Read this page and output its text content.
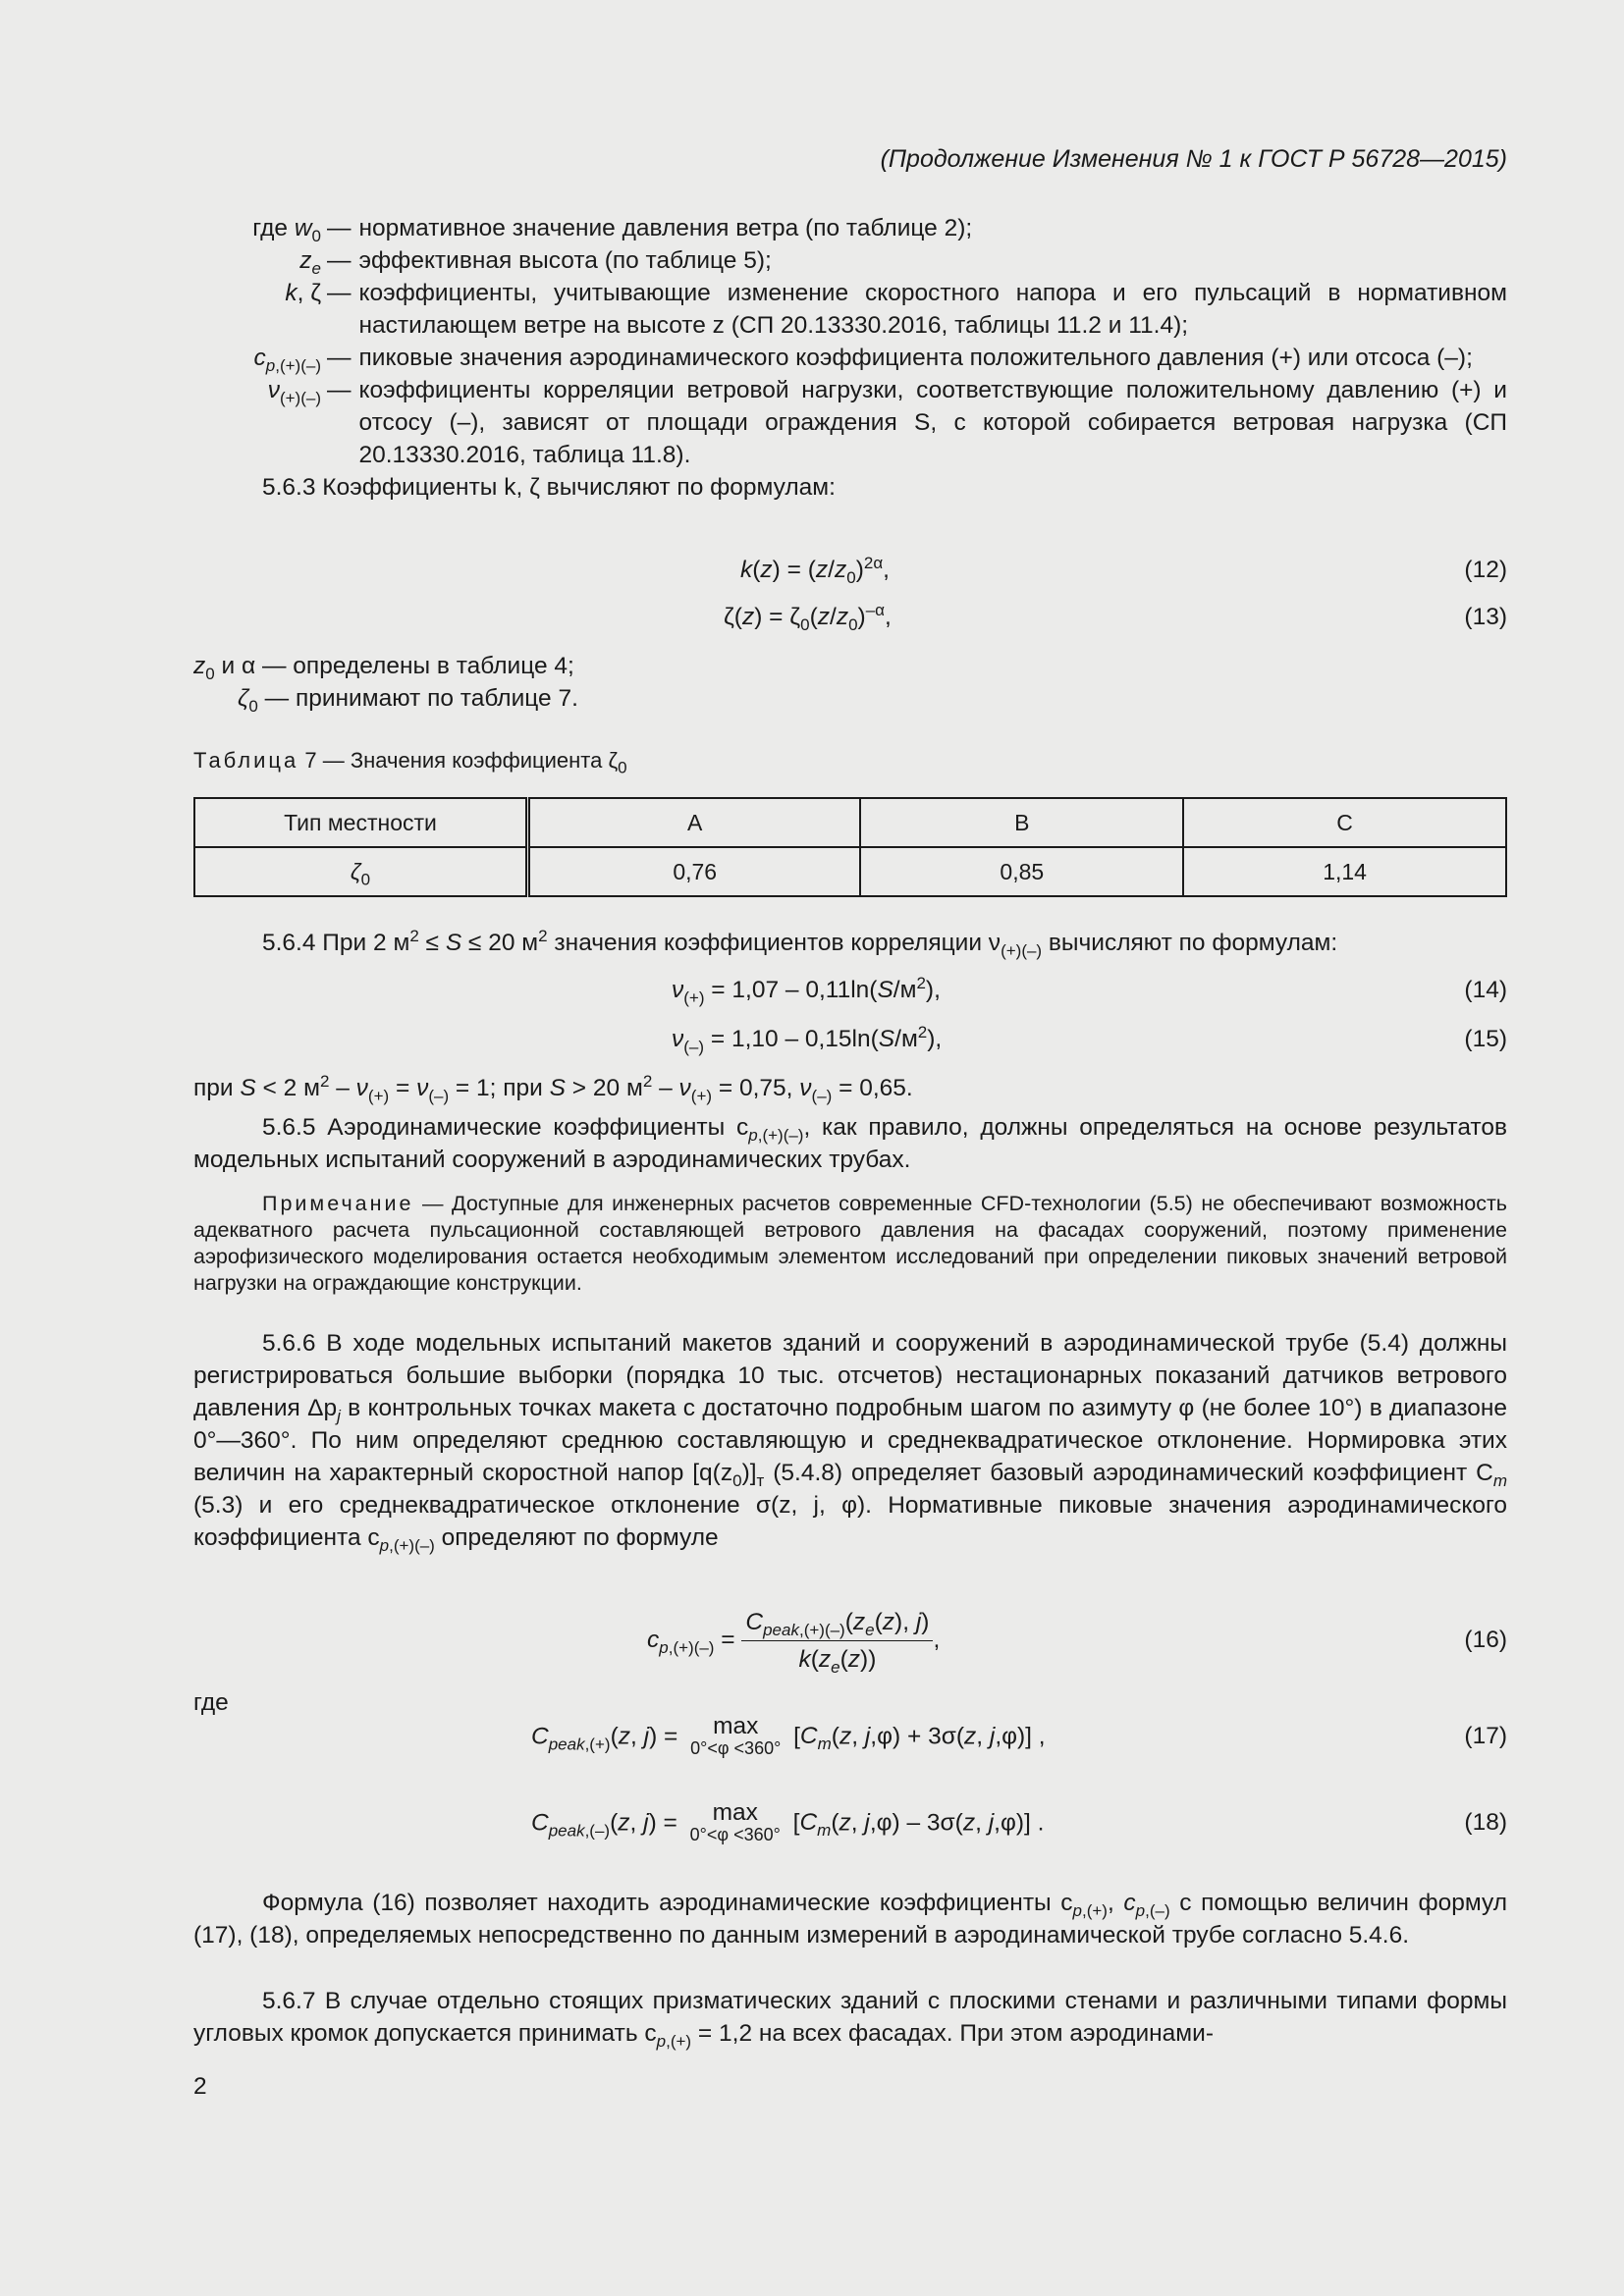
(Продолжение Изменения № 1 к ГОСТ Р 56728—2015)
где $w_0$ — нормативное значение давления ветра (по таблице 2);
$z_e$ — эффективная высота (по таблице 5);
k, ζ — коэффициенты, учитывающие изменение скоростного напора и его пульсаций в нормативном настилающем ветре на высоте z (СП 20.13330.2016, таблицы 11.2 и 11.4);
$c_{p,(+)(-)}$ — пиковые значения аэродинамического коэффициента положительного давления (+) или отсоса (–);
$\nu_{(+)(-)}$ — коэффициенты корреляции ветровой нагрузки, соответствующие положительному давлению (+) и отсосу (–), зависят от площади ограждения S, с которой собирается ветровая нагрузка (СП 20.13330.2016, таблица 11.8).
5.6.3 Коэффициенты k, ζ вычисляют по формулам:
$k(z) = (z/z_0)^{2\alpha}$,	(12)
$\zeta(z) = \zeta_0(z/z_0)^{-\alpha}$,	(13)
$z_0$ и α — определены в таблице 4;
$\zeta_0$ — принимают по таблице 7.
Таблица 7 — Значения коэффициента $\zeta_0$
Тип местности	A	B	C
$\zeta_0$	0,76	0,85	1,14
5.6.4 При 2 $м^2 \le S \le 20$ $м^2$ значения коэффициентов корреляции $\nu_{(+)(-)}$ вычисляют по формулам:
$\nu_{(+)} = 1,07 - 0,11\ln(S/м^2)$,	(14)
$\nu_{(-)} = 1,10 - 0,15\ln(S/м^2)$,	(15)
при S < 2 $м^2 - \nu_{(+)} = \nu_{(-)} = 1$; при S > 20 $м^2 - \nu_{(+)} = 0,75$, $\nu_{(-)} = 0,65$.
5.6.5 Аэродинамические коэффициенты $c_{p,(+)(-)}$, как правило, должны определяться на основе результатов модельных испытаний сооружений в аэродинамических трубах.
Примечание — Доступные для инженерных расчетов современные CFD-технологии (5.5) не обеспечивают возможность адекватного расчета пульсационной составляющей ветрового давления на фасадах сооружений, поэтому применение аэрофизического моделирования остается необходимым элементом исследований при определении пиковых значений ветровой нагрузки на ограждающие конструкции.
5.6.6 В ходе модельных испытаний макетов зданий и сооружений в аэродинамической трубе (5.4) должны регистрироваться большие выборки (порядка 10 тыс. отсчетов) нестационарных показаний датчиков ветрового давления $\Delta p_j$ в контрольных точках макета с достаточно подробным шагом по азимуту φ (не более 10°) в диапазоне 0°—360°. По ним определяют среднюю составляющую и среднеквадратическое отклонение. Нормировка этих величин на характерный скоростной напор $[q(z_0)]_т$ (5.4.8) определяет базовый аэродинамический коэффициент $C_m$ (5.3) и его среднеквадратическое отклонение σ(z, j, φ). Нормативные пиковые значения аэродинамического коэффициента $c_{p,(+)(-)}$ определяют по формуле
$c_{p,(+)(-)} = \frac{C_{peak,(+)(-)}(z_e(z), j)}{k(z_e(z))}$ ,	(16)
где
$C_{peak,(+)}(z$, j) = max
0°<φ <360° [$C_m(z$, j,φ) + 3σ(z, j,φ)] ,	(17)
$C_{peak,(-)}(z$, j) = max
0°<φ <360° [$C_m(z$, j,φ) – 3σ(z, j,φ)] .	(18)
Формула (16) позволяет находить аэродинамические коэффициенты $c_{p,(+)}$, $c_{p,(-)}$ с помощью величин формул (17), (18), определяемых непосредственно по данным измерений в аэродинамической трубе согласно 5.4.6.
5.6.7 В случае отдельно стоящих призматических зданий с плоскими стенами и различными типами формы угловых кромок допускается принимать $c_{p,(+)} = 1,2$ на всех фасадах. При этом аэродинами-
2
